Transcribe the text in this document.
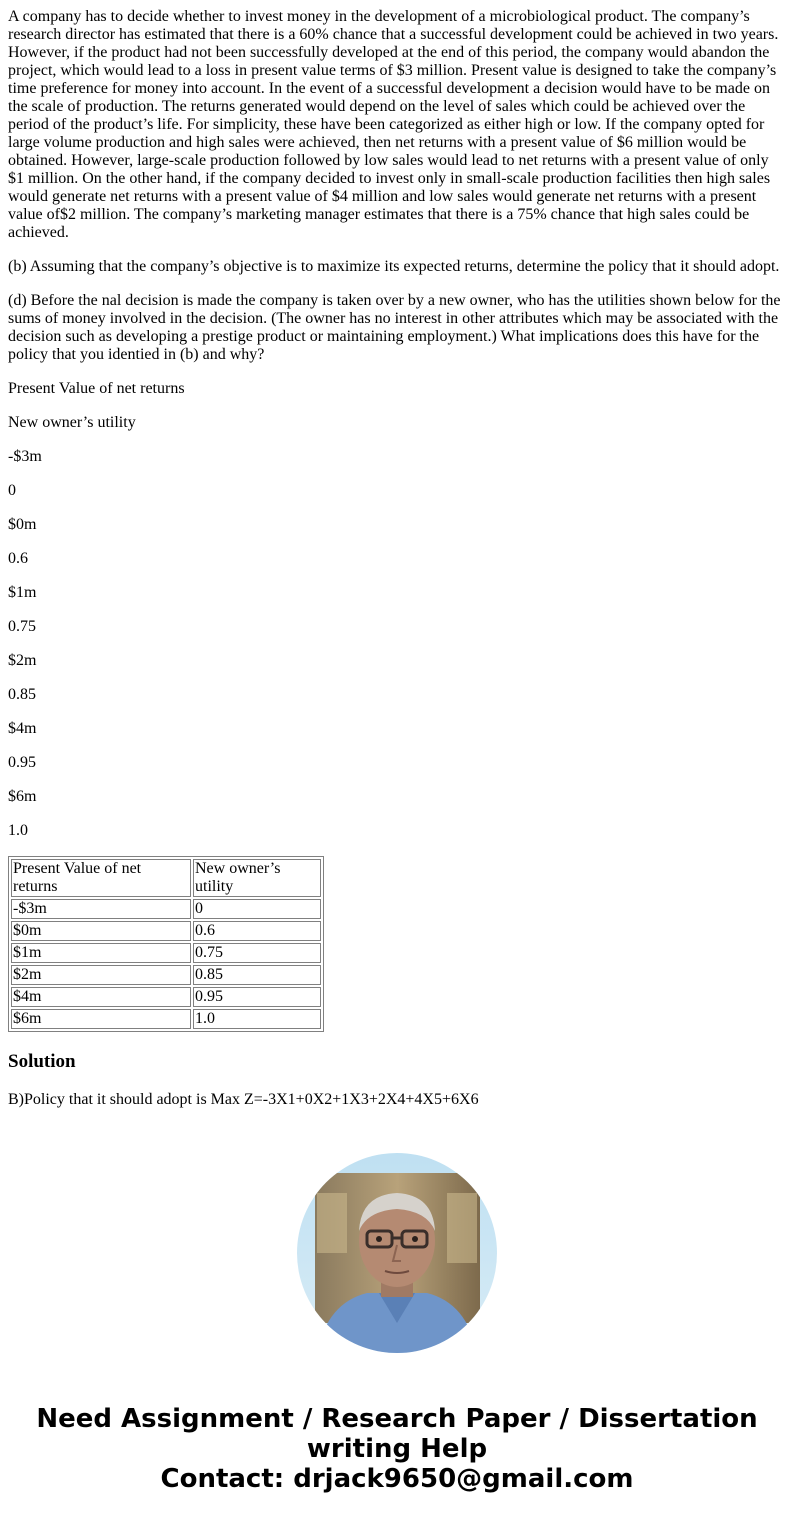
A company has to decide whether to invest money in the development of a microbiological product. The company’s research director has estimated that there is a 60% chance that a successful development could be achieved in two years. However, if the product had not been successfully developed at the end of this period, the company would abandon the project, which would lead to a loss in present value terms of $3 million. Present value is designed to take the company’s time preference for money into account. In the event of a successful development a decision would have to be made on the scale of production. The returns generated would depend on the level of sales which could be achieved over the period of the product’s life. For simplicity, these have been categorized as either high or low. If the company opted for large volume production and high sales were achieved, then net returns with a present value of $6 million would be obtained. However, large-scale production followed by low sales would lead to net returns with a present value of only $1 million. On the other hand, if the company decided to invest only in small-scale production facilities then high sales would generate net returns with a present value of $4 million and low sales would generate net returns with a present value of$2 million. The company’s marketing manager estimates that there is a 75% chance that high sales could be achieved.

(b) Assuming that the company’s objective is to maximize its expected returns, determine the policy that it should adopt.

(d) Before the nal decision is made the company is taken over by a new owner, who has the utilities shown below for the sums of money involved in the decision. (The owner has no interest in other attributes which may be associated with the decision such as developing a prestige product or maintaining employment.) What implications does this have for the policy that you identied in (b) and why?

Present Value of net returns

New owner’s utility

-$3m

0

$0m

0.6

$1m

0.75

$2m

0.85

$4m

0.95

$6m

1.0

Present Value of net returns	New owner’s utility
-$3m	0
$0m	0.6
$1m	0.75
$2m	0.85
$4m	0.95
$6m	1.0
Solution

B)Policy that it should adopt is Max Z=-3X1+0X2+1X3+2X4+4X5+6X6

Need Assignment / Research Paper / Dissertation
writing Help
Contact: drjack9650@gmail.com
